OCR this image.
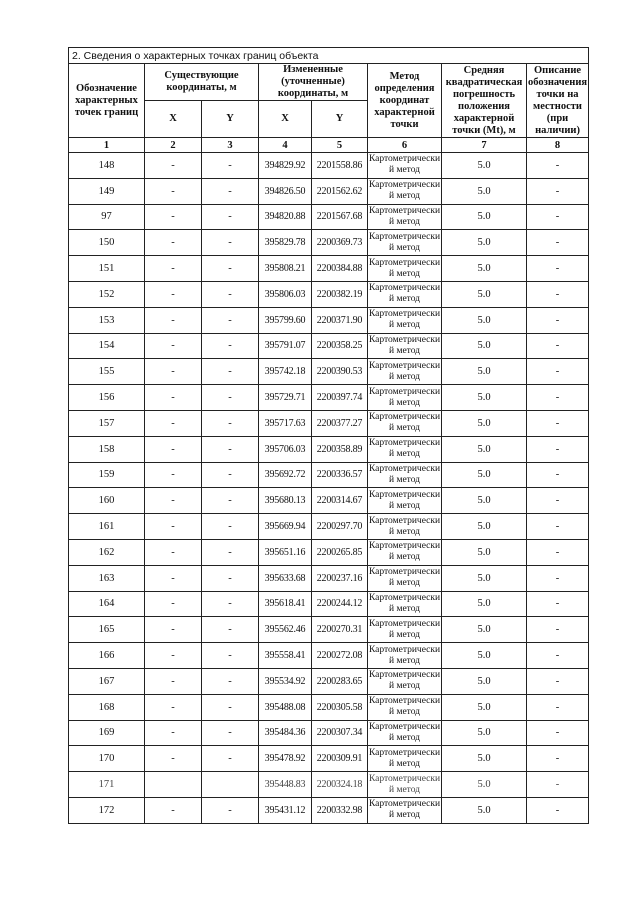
2. Сведения о характерных точках границ объекта							
Обозначение характерных точек границ	Существующие координаты, м		Измененные (уточненные) координаты, м		Метод определения координат характерной точки	Средняя квадратическая погрешность положения характерной точки (Mt), м	Описание обозначения точки на местности (при наличии)
	X	Y	X	Y			
1	2	3	4	5	6	7	8
148	-	-	394829.92	2201558.86	Картометрический метод	5.0	-
149	-	-	394826.50	2201562.62	Картометрический метод	5.0	-
97	-	-	394820.88	2201567.68	Картометрический метод	5.0	-
150	-	-	395829.78	2200369.73	Картометрический метод	5.0	-
151	-	-	395808.21	2200384.88	Картометрический метод	5.0	-
152	-	-	395806.03	2200382.19	Картометрический метод	5.0	-
153	-	-	395799.60	2200371.90	Картометрический метод	5.0	-
154	-	-	395791.07	2200358.25	Картометрический метод	5.0	-
155	-	-	395742.18	2200390.53	Картометрический метод	5.0	-
156	-	-	395729.71	2200397.74	Картометрический метод	5.0	-
157	-	-	395717.63	2200377.27	Картометрический метод	5.0	-
158	-	-	395706.03	2200358.89	Картометрический метод	5.0	-
159	-	-	395692.72	2200336.57	Картометрический метод	5.0	-
160	-	-	395680.13	2200314.67	Картометрический метод	5.0	-
161	-	-	395669.94	2200297.70	Картометрический метод	5.0	-
162	-	-	395651.16	2200265.85	Картометрический метод	5.0	-
163	-	-	395633.68	2200237.16	Картометрический метод	5.0	-
164	-	-	395618.41	2200244.12	Картометрический метод	5.0	-
165	-	-	395562.46	2200270.31	Картометрический метод	5.0	-
166	-	-	395558.41	2200272.08	Картометрический метод	5.0	-
167	-	-	395534.92	2200283.65	Картометрический метод	5.0	-
168	-	-	395488.08	2200305.58	Картометрический метод	5.0	-
169	-	-	395484.36	2200307.34	Картометрический метод	5.0	-
170	-	-	395478.92	2200309.91	Картометрический метод	5.0	-
171			395448.83	2200324.18	Картометрический метод	5.0	-
172	-	-	395431.12	2200332.98	Картометрический метод	5.0	-
